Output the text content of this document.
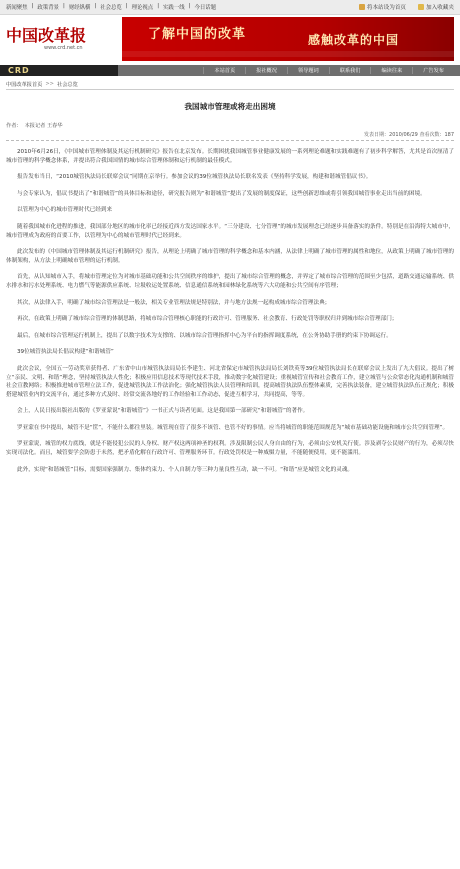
新闻聚焦 | 政策背景 | 财经纵横 | 社会总览 | 理论视点 | 实践一线 | 今日话题	将本站设为首页	加入收藏夹
中国改革报
www.crd.net.cn
了解中国的改革	感触改革的中国
CRD	本站首页	报社概况	领导题词	联系我们	编读往来	广告发布
中国改革报首页 >> 社会总览
我国城市管理或将走出困境
作者： 本报记者 王春华
发表日期：2010/06/29 查看次数：187

2010年6月26日，《中国城市管理体制及其运行机制研究》报告在北京发布。长期困扰我国城管事业健康发展的一系列理论难题和实践难题有了初步科学解答，尤其是首次厘清了城市管理的科学概念体系，并提出符合我国国情的城市综合管理体制和运行机制的最佳模式。

报告发布当日，“2010城管执法局长联席会议”同期在京举行。参加会议的39位城管执法局长联名发表《坚持科学发展，构建和谐城管倡议书》。

与会专家认为，倡议书提出了“和谐城管”的具体目标和途径，研究报告则为“和谐城管”提出了发展的制度保证，这些创新思维或将引领我国城管事业走出当前的困境。

以管理为中心的城市管理时代已经到来

随着我国城市化进程的推进，我国部分地区的城市化率已经接近西方发达国家水平。“三分建设、七分管理”的城市发展理念已经逐步具备落实的条件。特别是在沿海特大城市中，城市管理成为政府的首要工作，以管理为中心的城市管理时代已经到来。

此次发布的《中国城市管理体制及其运行机制研究》报告，从理论上明确了城市管理的科学概念和基本内涵，从法律上明确了城市管理的属性和地位，从政策上明确了城市管理的体制架构，从方法上明确城市管理的运行机制。

首先，从认知城市入手，将城市管理定位为对城市基础功能和公共空间秩序的维护，提出了城市综合管理的概念，并界定了城市综合管理的范围至少包括，道路交通运输系统、供水排水和污水处理系统、电力燃气等能源供应系统、垃圾收运处置系统、信息通信系统和园林绿化系统等六大功能和公共空间有序管理；

其次，从法律入手，明确了城市综合管理法是一般法，相关专业管理法规是特别法，并与地方法规一起构成城市综合管理法典；

再次，在政策上明确了城市综合管理的体制思路，将城市综合管理核心职能的行政许可、管理服务、社会教育、行政处罚等职权归并到城市综合管理部门；

最后，在城市综合管理运行机制上，提出了以数字技术为支撑的、以城市综合管理指挥中心为平台的指挥调度系统，在公务协助手册的约束下协调运行。

39位城管执法局长倡议构建“和谐城管”

此次会议，全国五一劳动奖章获得者、广东省中山市城管执法局局长李建生、河北省保定市城管执法局局长刘铁英等39位城管执法局长在联席会议上发出了九大倡议。提出了树立“亲民、文明、和谐”理念，坚持城管执法人性化；积极应用信息技术等现代技术手段，推动数字化城管建设；重视城管宣传和社会教育工作，建立城管与公众常态化沟通机制和城管社会宣教网络；积极推进城市管理立法工作，促进城管执法工作法治化；强化城管执法人员管理和培训，提高城管执法队伍整体素质，完善执法装备，建立城管执法队伍正规化；积极搭建城管业内的交流平台，通过多种方式及时、经常交流各地好的工作经验和工作动态，促进互相学习，共同提高，等等。

会上，人民日报出版社出版的《罗亚蒙说“和谐城管”》一书正式与读者见面。这是我国第一部研究“和谐城管”的著作。

罗亚蒙在书中提出，城管不是“筐”，不能什么都往里装。城管现在管了很多不该管、也管不好的事情。应当将城管的职能范围规范为“城市基础功能设施和城市公共空间管理”。

罗亚蒙说，城管的权力底线，就是不能侵犯公民的人身权、财产权这两项神圣的权利。涉及限制公民人身自由的行为，必须由公安机关行使。涉及剥夺公民财产的行为，必须尽快实现司法化。而且，城管要学会防患于未然，把矛盾化解在行政许可、管理服务环节。行政处罚权是一种威慑力量，不能随便使用，更不能滥用。

此外，实现“和谐城管”目标，需要国家强制力、集体约束力、个人自制力等三种力量良性互动，缺一不可。“和谐”应是城管文化的灵魂。
